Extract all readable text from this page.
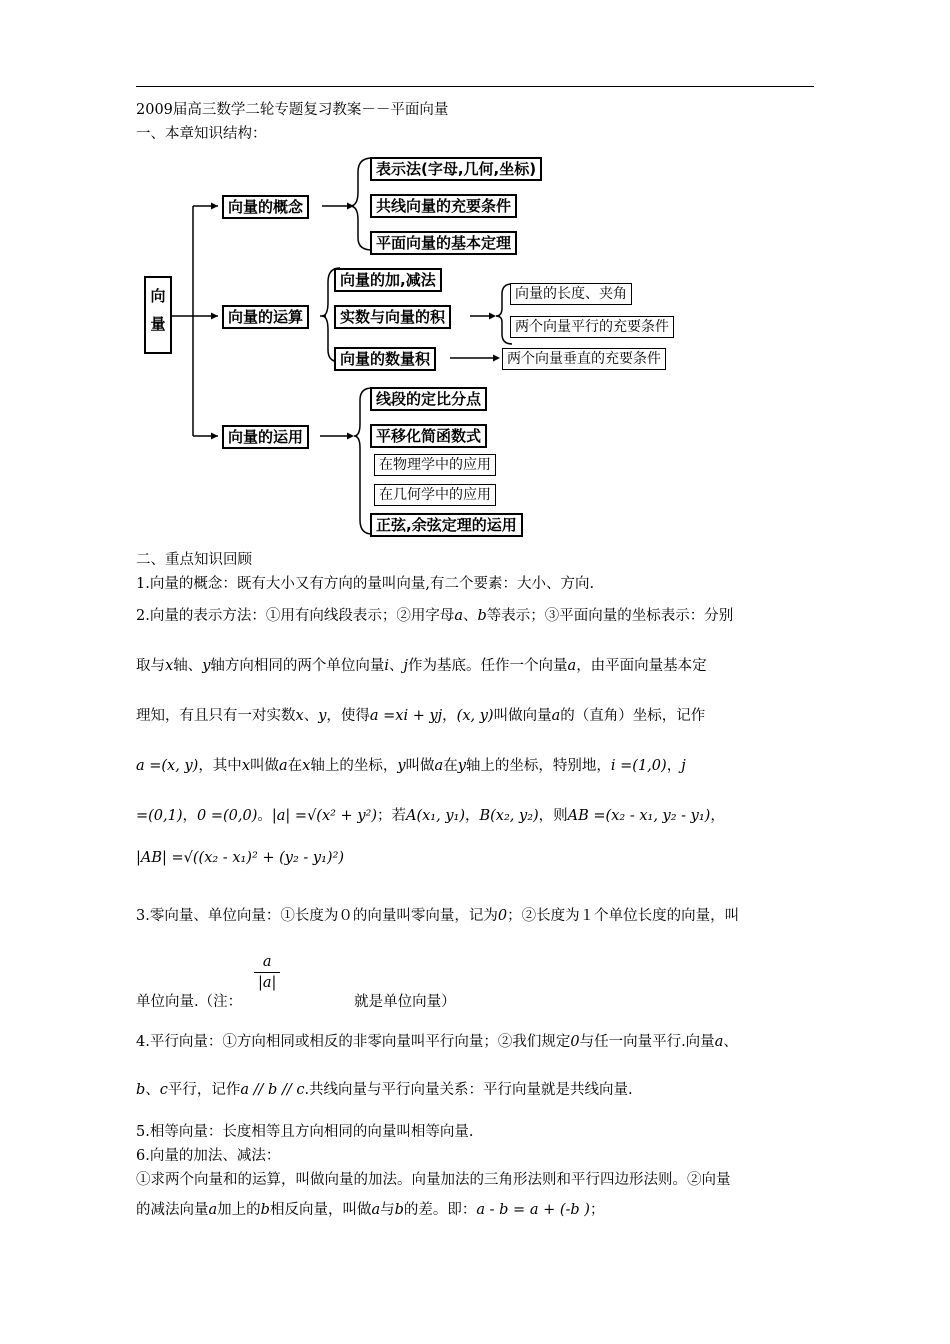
2009届高三数学二轮专题复习教案－－平面向量
一、本章知识结构：
向量
向量的概念
向量的运算
向量的运用
表示法(字母,几何,坐标)
共线向量的充要条件
平面向量的基本定理
向量的加,减法
实数与向量的积
向量的数量积
向量的长度、夹角
两个向量平行的充要条件
两个向量垂直的充要条件
线段的定比分点
平移化简函数式
在物理学中的应用
在几何学中的应用
正弦,余弦定理的运用
二、重点知识回顾
1.向量的概念：既有大小又有方向的量叫向量,有二个要素：大小、方向.
2.向量的表示方法：①用有向线段表示；②用字母a、b等表示；③平面向量的坐标表示：分别
取与x轴、y轴方向相同的两个单位向量i、j作为基底。任作一个向量a，由平面向量基本定
理知，有且只有一对实数x、y，使得a =xi + yj，(x, y)叫做向量a的（直角）坐标，记作
a =(x, y)，其中x叫做a在x轴上的坐标，y叫做a在y轴上的坐标，特别地，i =(1,0)，j
=(0,1)，0 =(0,0)。|a| =√(x² + y²)；若A(x₁, y₁)，B(x₂, y₂)，则AB =(x₂ - x₁, y₂ - y₁)，
|AB| =√((x₂ - x₁)² + (y₂ - y₁)²)
3.零向量、单位向量：①长度为０的向量叫零向量，记为0；②长度为１个单位长度的向量，叫
$\frac{a}{|a|}$
单位向量.（注：	就是单位向量）
4.平行向量：①方向相同或相反的非零向量叫平行向量；②我们规定0与任一向量平行.向量a、
b、c平行，记作a // b // c.共线向量与平行向量关系：平行向量就是共线向量.
5.相等向量：长度相等且方向相同的向量叫相等向量.
6.向量的加法、减法：
①求两个向量和的运算，叫做向量的加法。向量加法的三角形法则和平行四边形法则。②向量
的减法向量a加上的b相反向量，叫做a与b的差。即：a - b = a + (-b )；
